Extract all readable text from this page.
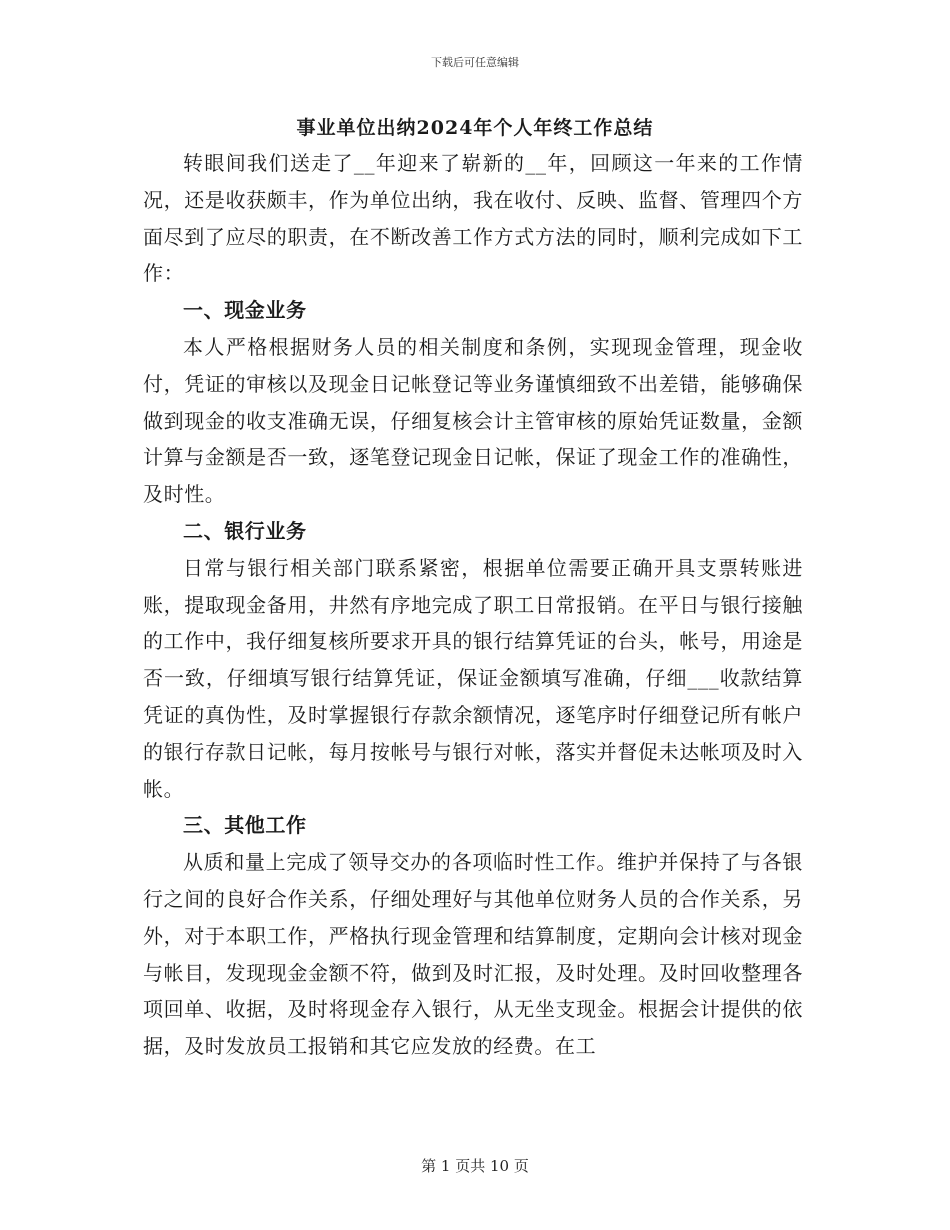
下载后可任意编辑
事业单位出纳2024年个人年终工作总结

转眼间我们送走了__年迎来了崭新的__年，回顾这一年来的工作情况，还是收获颇丰，作为单位出纳，我在收付、反映、监督、管理四个方面尽到了应尽的职责，在不断改善工作方式方法的同时，顺利完成如下工作：

一、现金业务

本人严格根据财务人员的相关制度和条例，实现现金管理，现金收付，凭证的审核以及现金日记帐登记等业务谨慎细致不出差错，能够确保做到现金的收支准确无误，仔细复核会计主管审核的原始凭证数量，金额计算与金额是否一致，逐笔登记现金日记帐，保证了现金工作的准确性，及时性。

二、银行业务

日常与银行相关部门联系紧密，根据单位需要正确开具支票转账进账，提取现金备用，井然有序地完成了职工日常报销。在平日与银行接触的工作中，我仔细复核所要求开具的银行结算凭证的台头，帐号，用途是否一致，仔细填写银行结算凭证，保证金额填写准确，仔细___收款结算凭证的真伪性，及时掌握银行存款余额情况，逐笔序时仔细登记所有帐户的银行存款日记帐，每月按帐号与银行对帐，落实并督促未达帐项及时入帐。

三、其他工作

从质和量上完成了领导交办的各项临时性工作。维护并保持了与各银行之间的良好合作关系，仔细处理好与其他单位财务人员的合作关系，另外，对于本职工作，严格执行现金管理和结算制度，定期向会计核对现金与帐目，发现现金金额不符，做到及时汇报，及时处理。及时回收整理各项回单、收据，及时将现金存入银行，从无坐支现金。根据会计提供的依据，及时发放员工报销和其它应发放的经费。在工

第 1 页共 10 页
